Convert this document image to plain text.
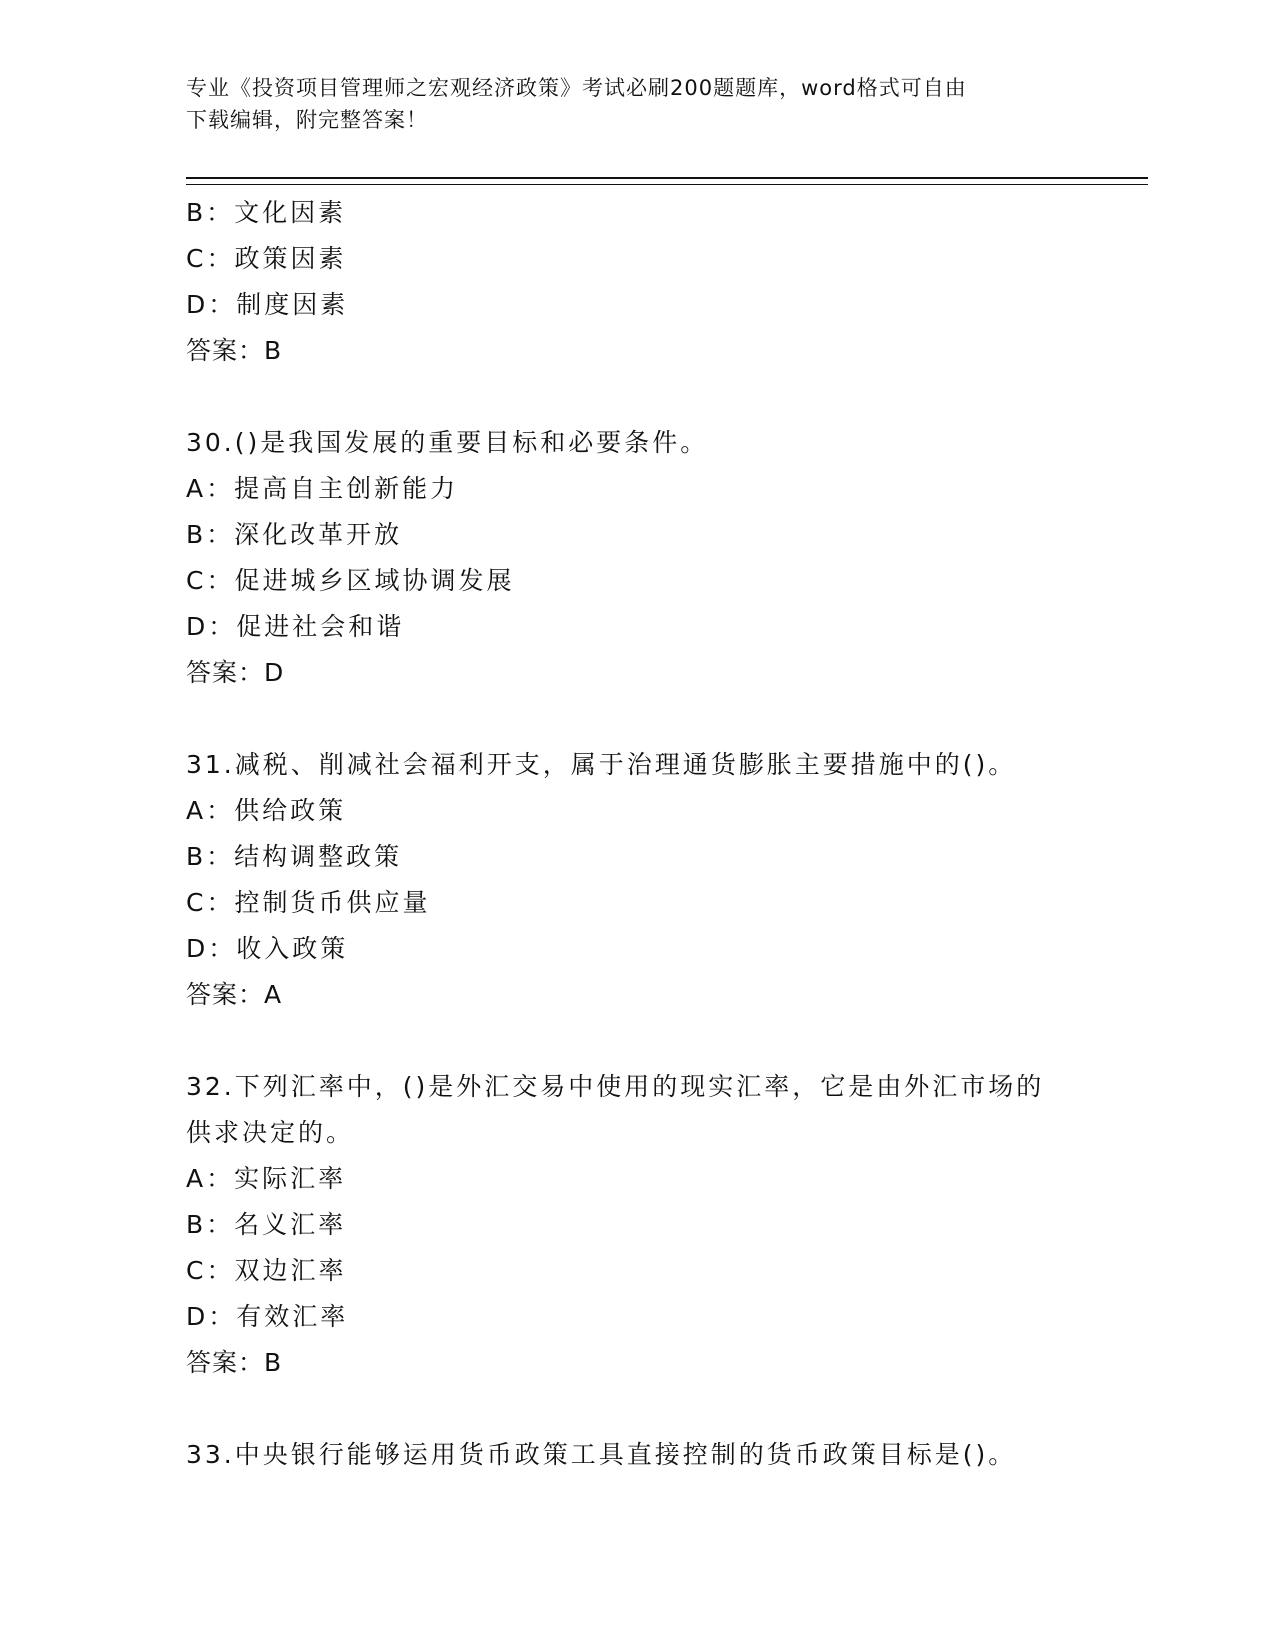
专业《投资项目管理师之宏观经济政策》考试必刷200题题库，word格式可自由
下载编辑，附完整答案！
B：文化因素
C：政策因素
D：制度因素
答案：B
30.()是我国发展的重要目标和必要条件。
A：提高自主创新能力
B：深化改革开放
C：促进城乡区域协调发展
D：促进社会和谐
答案：D
31.减税、削减社会福利开支，属于治理通货膨胀主要措施中的()。
A：供给政策
B：结构调整政策
C：控制货币供应量
D：收入政策
答案：A
32.下列汇率中，()是外汇交易中使用的现实汇率，它是由外汇市场的
供求决定的。
A：实际汇率
B：名义汇率
C：双边汇率
D：有效汇率
答案：B
33.中央银行能够运用货币政策工具直接控制的货币政策目标是()。
